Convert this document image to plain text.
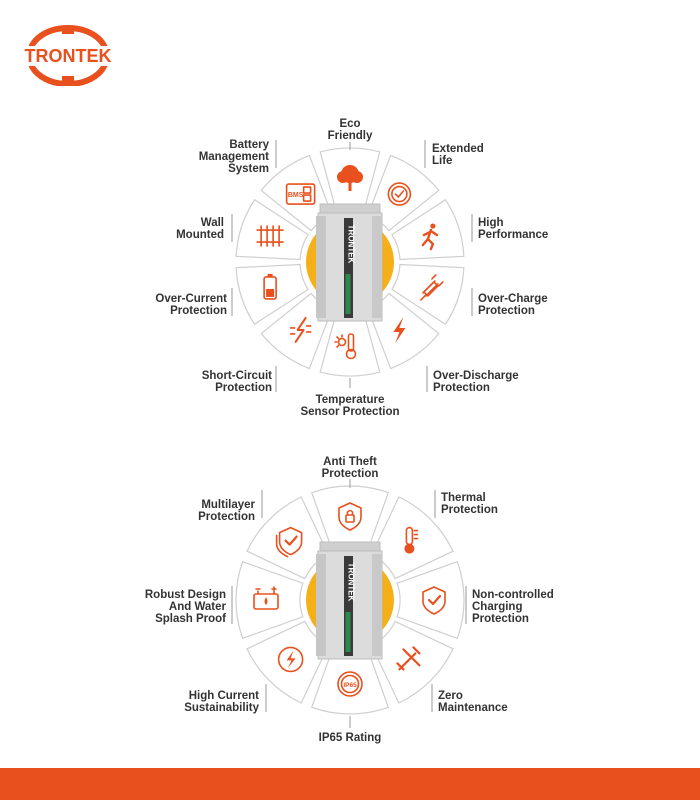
TRONTEK
BMS
TRONTEK
IP65
TRONTEK
Eco
Friendly
Extended
Life
High
Performance
Over-Charge
Protection
Over-Discharge
Protection
Temperature
Sensor Protection
Short-Circuit
Protection
Over-Current
Protection
Wall
Mounted
Battery
Management
System
Anti Theft
Protection
Thermal
Protection
Non-controlled
Charging
Protection
Zero
Maintenance
IP65 Rating
High Current
Sustainability
Robust Design
And Water
Splash Proof
Multilayer
Protection
